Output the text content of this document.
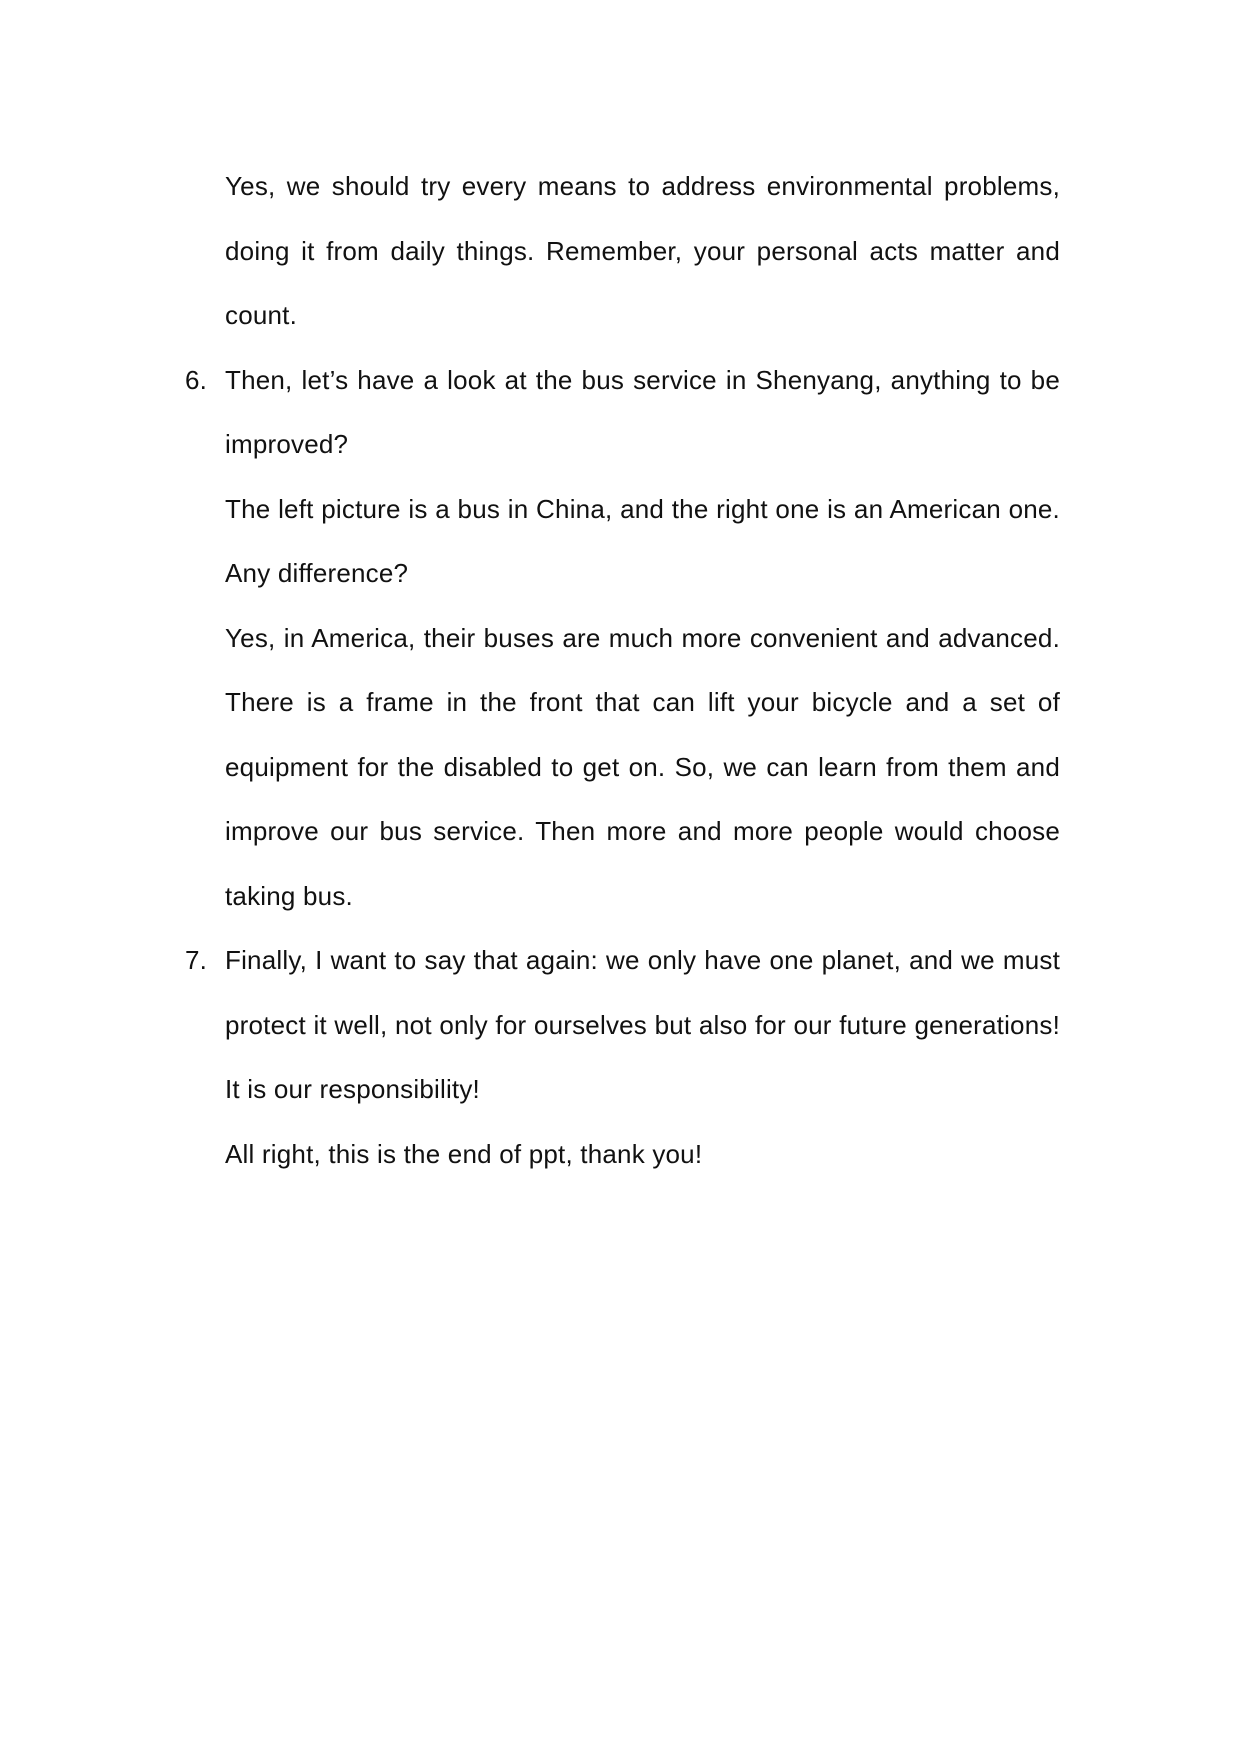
Yes, we should try every means to address environmental problems, doing it from daily things. Remember, your personal acts matter and count.

6. Then, let’s have a look at the bus service in Shenyang, anything to be improved?

The left picture is a bus in China, and the right one is an American one. Any difference?

Yes, in America, their buses are much more convenient and advanced. There is a frame in the front that can lift your bicycle and a set of equipment for the disabled to get on. So, we can learn from them and improve our bus service. Then more and more people would choose taking bus.

7. Finally, I want to say that again: we only have one planet, and we must protect it well, not only for ourselves but also for our future generations! It is our responsibility!

All right, this is the end of ppt, thank you!
